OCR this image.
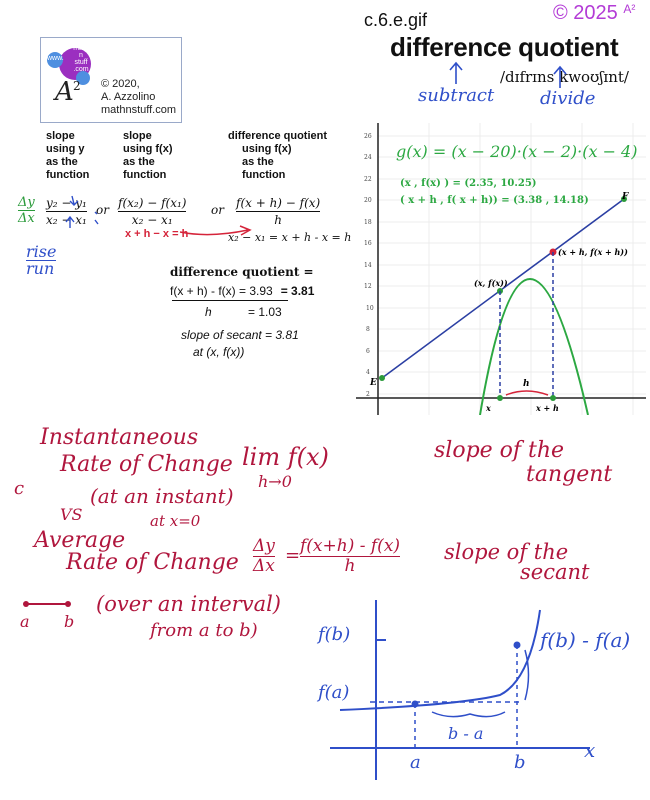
c.6.e.gif	© 2025 $^{A^2}$
difference quotient
/dɪfrɪns kwoʊʃɪnt/
subtract	divide
A 2
math
n
stuff
.com
www.
© 2020,
A. Azzolino
mathnstuff.com
slope
using y
as the
function
slope
using f(x)
as the
function
difference quotient
using f(x)
as the
function
Δy
Δx
y₂ − y₁
x₂ − x₁
or f(x₂) − f(x₁)
x₂ − x₁
or f(x + h) − f(x)
h
x + h − x = h	x₂ − x₁ = x + h - x = h
rise
run	difference quotient =
f(x + h) - f(x) = 3.93 = 3.81
h	= 1.03
slope of secant = 3.81
at (x, f(x))
26
24
22
20
18
16
14
12
10
8
6
4
2
h
x	x + h
(x, f(x))
(x + h, f(x + h))
F
E
g(x) = (x − 20)·(x − 2)·(x − 4)
(x , f(x) ) = (2.35, 10.25)
( x + h , f( x + h)) = (3.38 , 14.18)
Instantaneous
Rate of Change lim f(x)
h→0
slope of the
tangent
c	(at an instant)
VS	at x=0
Average
Rate of Change
Δy
Δx = f(x+h) - f(x)
h
slope of the
secant
a b
(over an interval)
from a to b)	f(b)
f(a)
f(b) - f(a)
b - a
a	b
x
